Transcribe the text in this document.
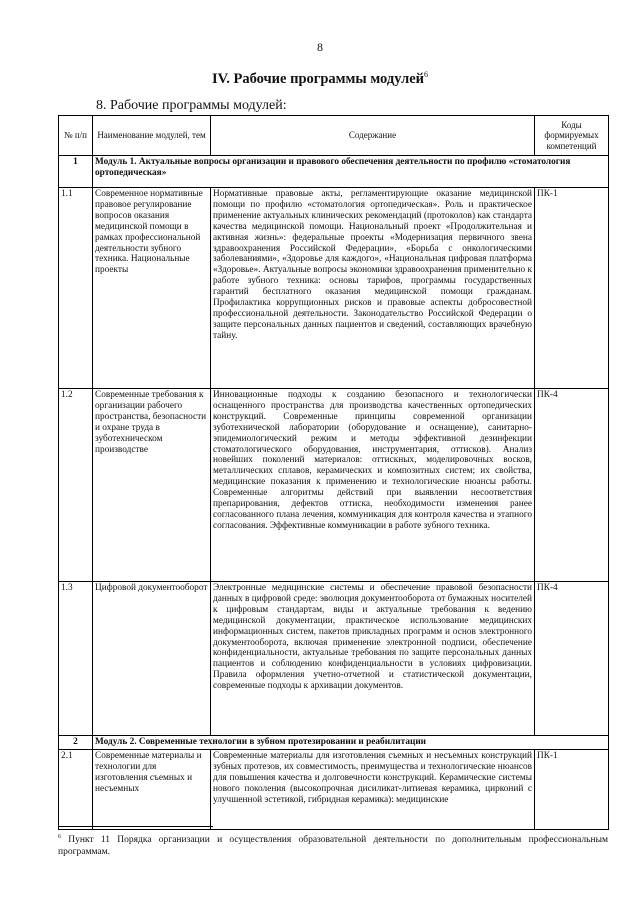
8
IV. Рабочие программы модулей$^6$
8. Рабочие программы модулей:
№ п/п	Наименование модулей, тем	Содержание	Коды формируемых компетенций
1	Модуль 1. Актуальные вопросы организации и правового обеспечения деятельности по профилю «стоматология ортопедическая»		
1.1	Современное нормативные правовое регулирование вопросов оказания медицинской помощи в рамках профессиональной деятельности зубного техника. Национальные проекты	Нормативные правовые акты, регламентирующие оказание медицинской помощи по профилю «стоматология ортопедическая». Роль и практическое применение актуальных клинических рекомендаций (протоколов) как стандарта качества медицинской помощи. Национальный проект «Продолжительная и активная жизнь»: федеральные проекты «Модернизация первичного звена здравоохранения Российской Федерации», «Борьба с онкологическими заболеваниями», «Здоровье для каждого», «Национальная цифровая платформа «Здоровье». Актуальные вопросы экономики здравоохранения применительно к работе зубного техника: основы тарифов, программы государственных гарантий бесплатного оказания медицинской помощи гражданам. Профилактика коррупционных рисков и правовые аспекты добросовестной профессиональной деятельности. Законодательство Российской Федерации о защите персональных данных пациентов и сведений, составляющих врачебную тайну.	ПК-1
1.2	Современные требования к организации рабочего пространства, безопасности и охране труда в зуботехническом производстве	Инновационные подходы к созданию безопасного и технологически оснащенного пространства для производства качественных ортопедических конструкций. Современные принципы современной организации зуботехнической лаборатории (оборудование и оснащение), санитарно-эпидемиологический режим и методы эффективной дезинфекции стоматологического оборудования, инструментария, оттисков). Анализ новейших поколений материалов: оттискных, моделировочных восков, металлических сплавов, керамических и композитных систем; их свойства, медицинские показания к применению и технологические нюансы работы. Современные алгоритмы действий при выявлении несоответствия препарирования, дефектов оттиска, необходимости изменения ранее согласованного плана лечения, коммуникация для контроля качества и этапного согласования. Эффективные коммуникации в работе зубного техника.	ПК-4
1.3	Цифровой документооборот	Электронные медицинские системы и обеспечение правовой безопасности данных в цифровой среде: эволюция документооборота от бумажных носителей к цифровым стандартам, виды и актуальные требования к ведению медицинской документации, практическое использование медицинских информационных систем, пакетов прикладных программ и основ электронного документооборота, включая применение электронной подписи, обеспечение конфиденциальности, актуальные требования по защите персональных данных пациентов и соблюдению конфиденциальности в условиях цифровизации. Правила оформления учетно-отчетной и статистической документации, современные подходы к архивации документов.	ПК-4
2	Модуль 2. Современные технологии в зубном протезировании и реабилитации		
2.1	Современные материалы и технологии для изготовления съемных и несъемных	Современные материалы для изготовления съемных и несъемных конструкций зубных протезов, их совместимость, преимущества и технологические нюансов для повышения качества и долговечности конструкций. Керамические системы нового поколения (высокопрочная дисиликат-литиевая керамика, цирконий с улучшенной эстетикой, гибридная керамика): медицинские	ПК-1
$^6$ Пункт 11 Порядка организации и осуществления образовательной деятельности по дополнительным профессиональным программам.
